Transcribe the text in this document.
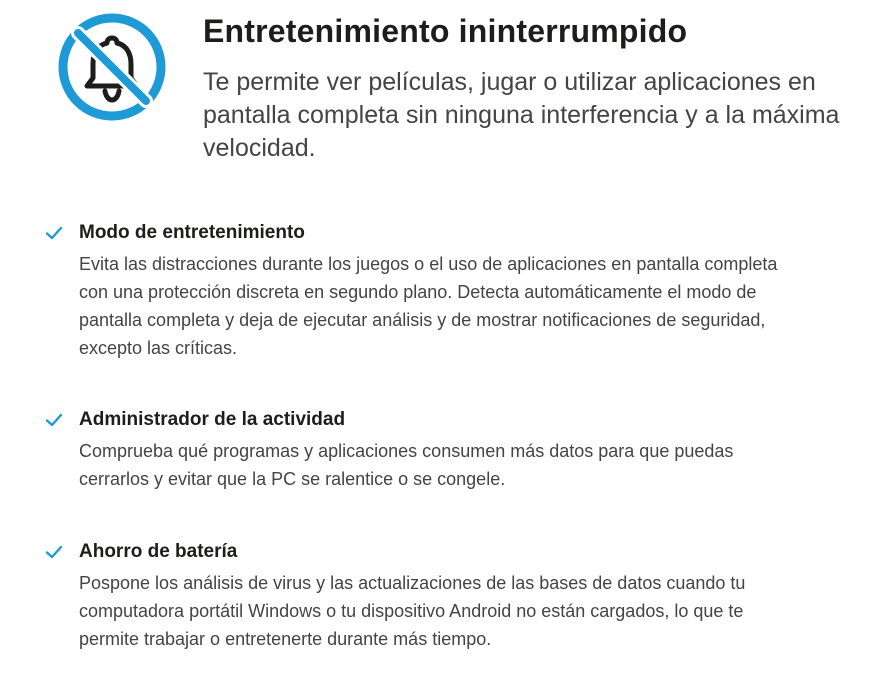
Entretenimiento ininterrumpido

Te permite ver películas, jugar o utilizar aplicaciones en pantalla completa sin ninguna interferencia y a la máxima velocidad.

Modo de entretenimiento

Evita las distracciones durante los juegos o el uso de aplicaciones en pantalla completa con una protección discreta en segundo plano. Detecta automáticamente el modo de pantalla completa y deja de ejecutar análisis y de mostrar notificaciones de seguridad, excepto las críticas.

Administrador de la actividad

Comprueba qué programas y aplicaciones consumen más datos para que puedas cerrarlos y evitar que la PC se ralentice o se congele.

Ahorro de batería

Pospone los análisis de virus y las actualizaciones de las bases de datos cuando tu computadora portátil Windows o tu dispositivo Android no están cargados, lo que te permite trabajar o entretenerte durante más tiempo.
